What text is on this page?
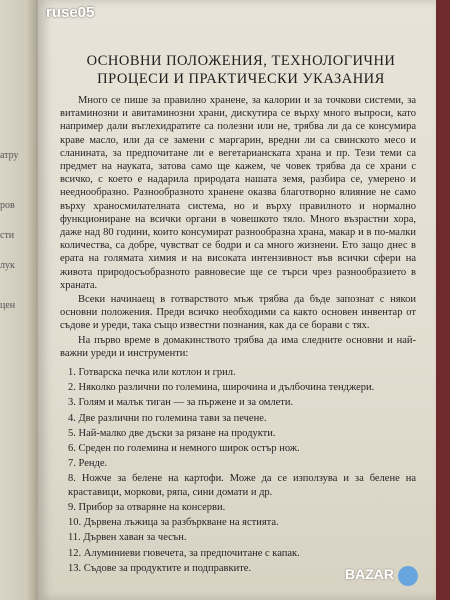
атру
ров
сти
лук
цен
ОСНОВНИ ПОЛОЖЕНИЯ, ТЕХНОЛОГИЧНИ
ПРОЦЕСИ И ПРАКТИЧЕСКИ УКАЗАНИЯ

Много се пише за правилно хранене, за калории и за точкови системи, за витаминозни и авитаминозни храни, дискутира се върху много въпроси, като например дали въглехидратите са полезни или не, трябва ли да се консумира краве масло, или да се замени с маргарин, вредни ли са свинското месо и сланината, за предпочитане ли е вегетарианската храна и пр. Тези теми са предмет на науката, затова само ще кажем, че човек трябва да се храни с всичко, с което е надарила природата нашата земя, разбира се, умерено и нееднообразно. Разнообразното хранене оказва благотворно влияние не само върху храносмилателната система, но и върху правилното и нормално функциониране на всички органи в човешкото тяло. Много възрастни хора, даже над 80 години, които консумират разнообразна храна, макар и в по-малки количества, са добре, чувстват се бодри и са много жизнени. Ето защо днес в ерата на голямата химия и на високата интензивност във всички сфери на живота природосъобразното равновесие ще се търси чрез разнообразието в храната.

Всеки начинаещ в готварството мъж трябва да бъде запознат с някои основни положения. Преди всичко необходими са както основен инвентар от съдове и уреди, така също известни познания, как да се борави с тях.

На първо време в домакинството трябва да има следните основни и най-важни уреди и инструменти:

1. Готварска печка или котлон и грил.
2. Няколко различни по големина, широчина и дълбочина тенджери.
3. Голям и малък тиган — за пържене и за омлети.
4. Две различни по големина тави за печене.
5. Най-малко две дъски за рязане на продукти.
6. Среден по големина и немного широк остър нож.
7. Ренде.
8. Ножче за белене на картофи. Може да се използува и за белене на краставици, моркови, ряпа, сини домати и др.
9. Прибор за отваряне на консерви.
10. Дървена лъжица за разбъркване на ястията.
11. Дървен хаван за чесън.
12. Алуминиеви гювечета, за предпочитане с капак.
13. Съдове за продуктите и подправките.
ruse05
BAZAR
